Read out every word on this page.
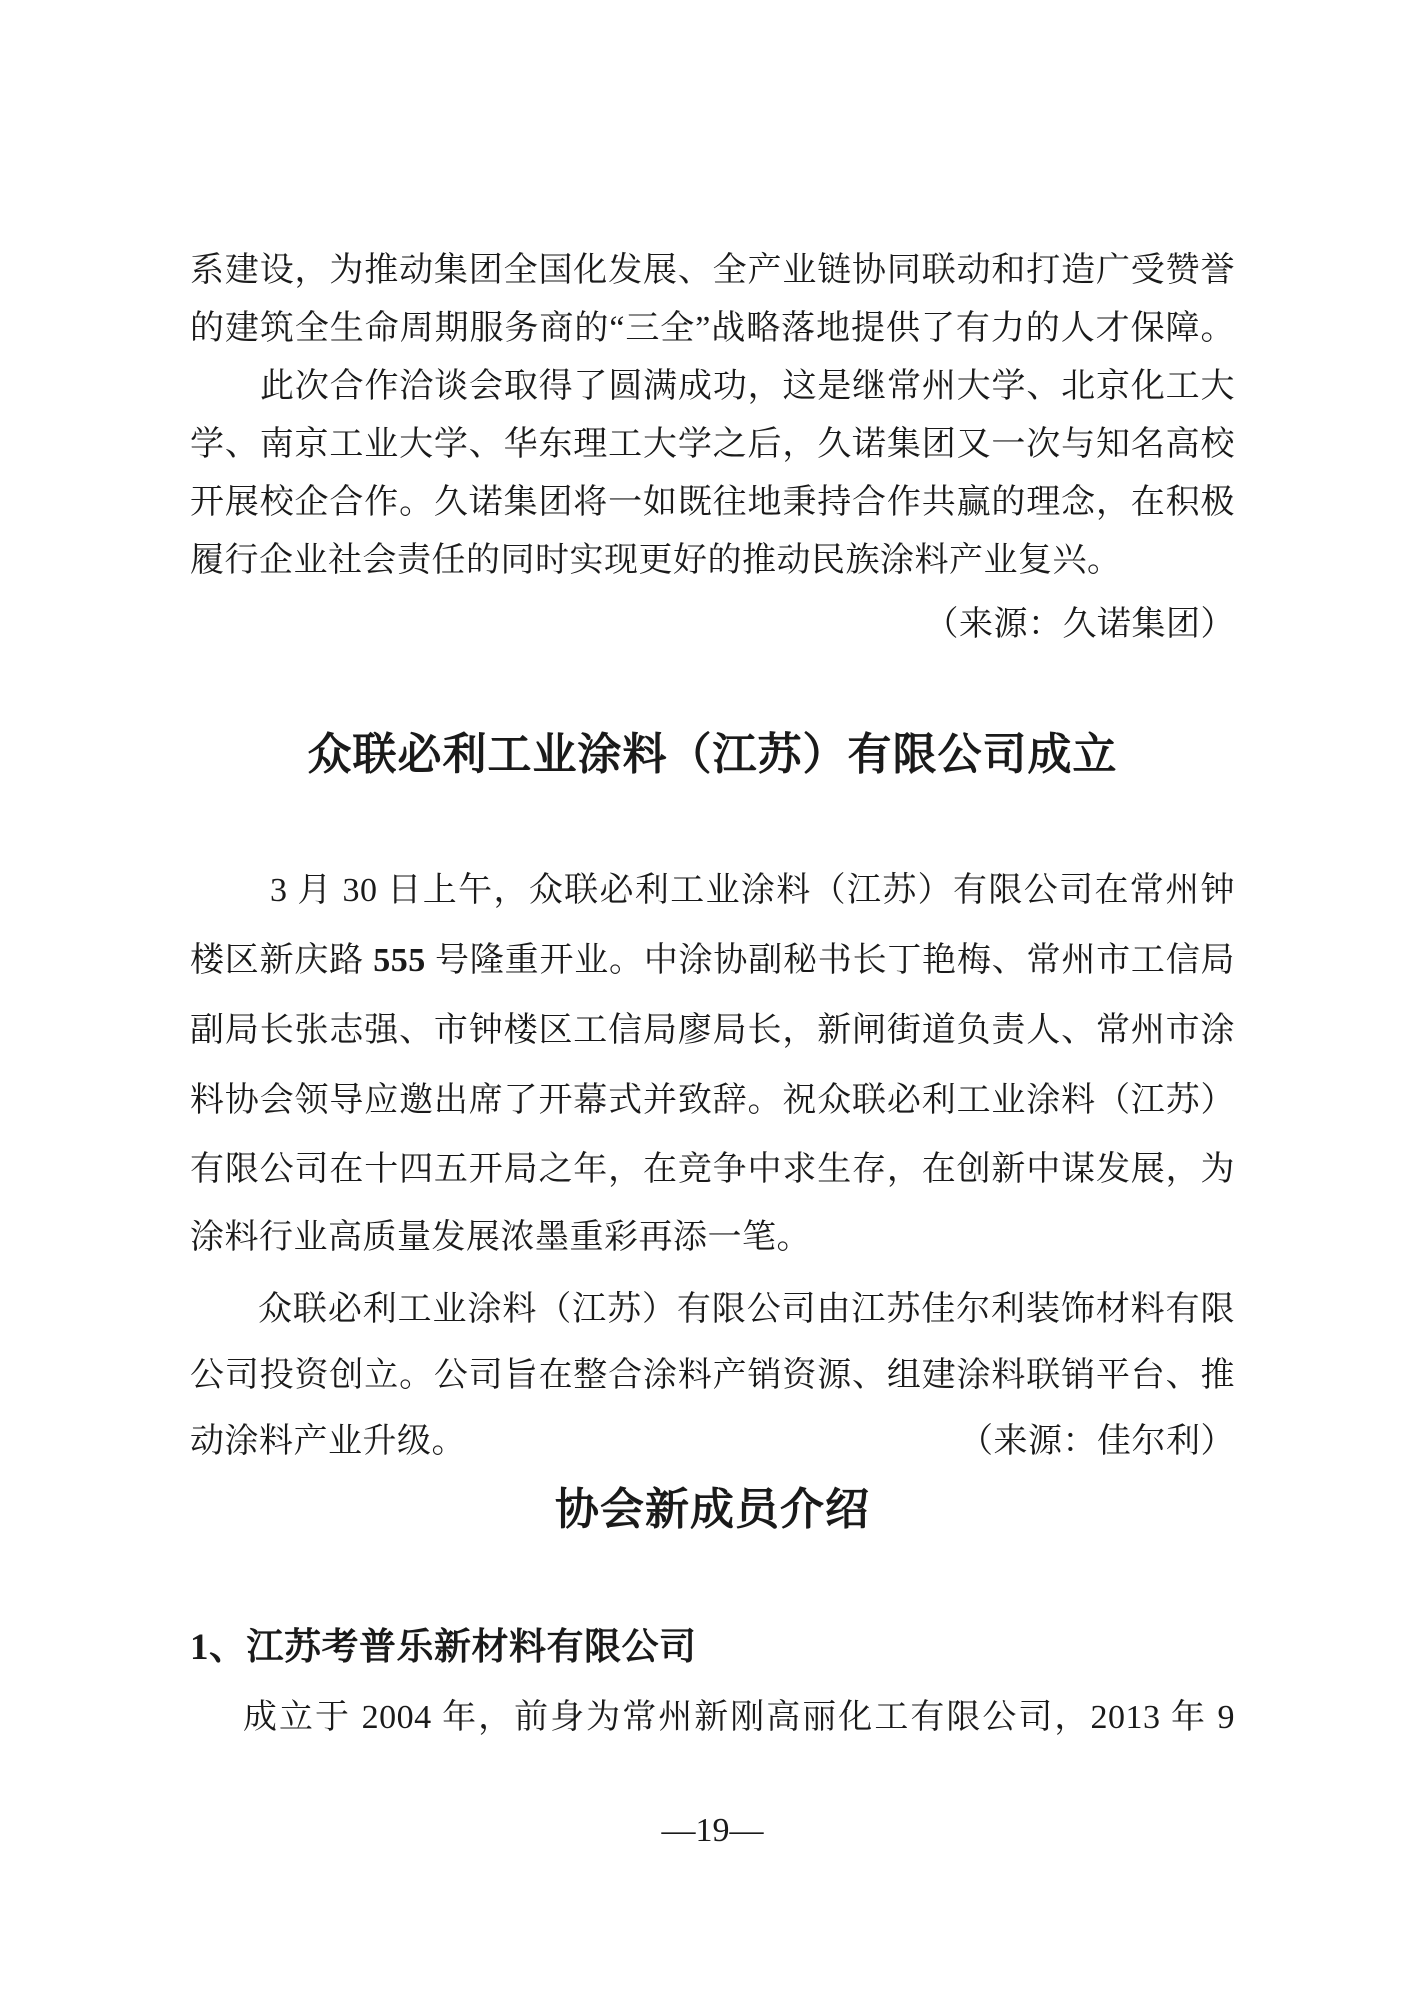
系建设，为推动集团全国化发展、全产业链协同联动和打造广受赞誉
的建筑全生命周期服务商的“三全”战略落地提供了有力的人才保障。
此次合作洽谈会取得了圆满成功，这是继常州大学、北京化工大
学、南京工业大学、华东理工大学之后，久诺集团又一次与知名高校
开展校企合作。久诺集团将一如既往地秉持合作共赢的理念，在积极
履行企业社会责任的同时实现更好的推动民族涂料产业复兴。
（来源：久诺集团）
众联必利工业涂料（江苏）有限公司成立
3 月 30 日上午，众联必利工业涂料（江苏）有限公司在常州钟
楼区新庆路 555 号隆重开业。中涂协副秘书长丁艳梅、常州市工信局
副局长张志强、市钟楼区工信局廖局长，新闸街道负责人、常州市涂
料协会领导应邀出席了开幕式并致辞。祝众联必利工业涂料（江苏）
有限公司在十四五开局之年，在竞争中求生存，在创新中谋发展，为
涂料行业高质量发展浓墨重彩再添一笔。
众联必利工业涂料（江苏）有限公司由江苏佳尔利装饰材料有限
公司投资创立。公司旨在整合涂料产销资源、组建涂料联销平台、推
动涂料产业升级。	（来源：佳尔利）
协会新成员介绍
1、江苏考普乐新材料有限公司
成立于 2004 年，前身为常州新刚高丽化工有限公司，2013 年 9
—19—
